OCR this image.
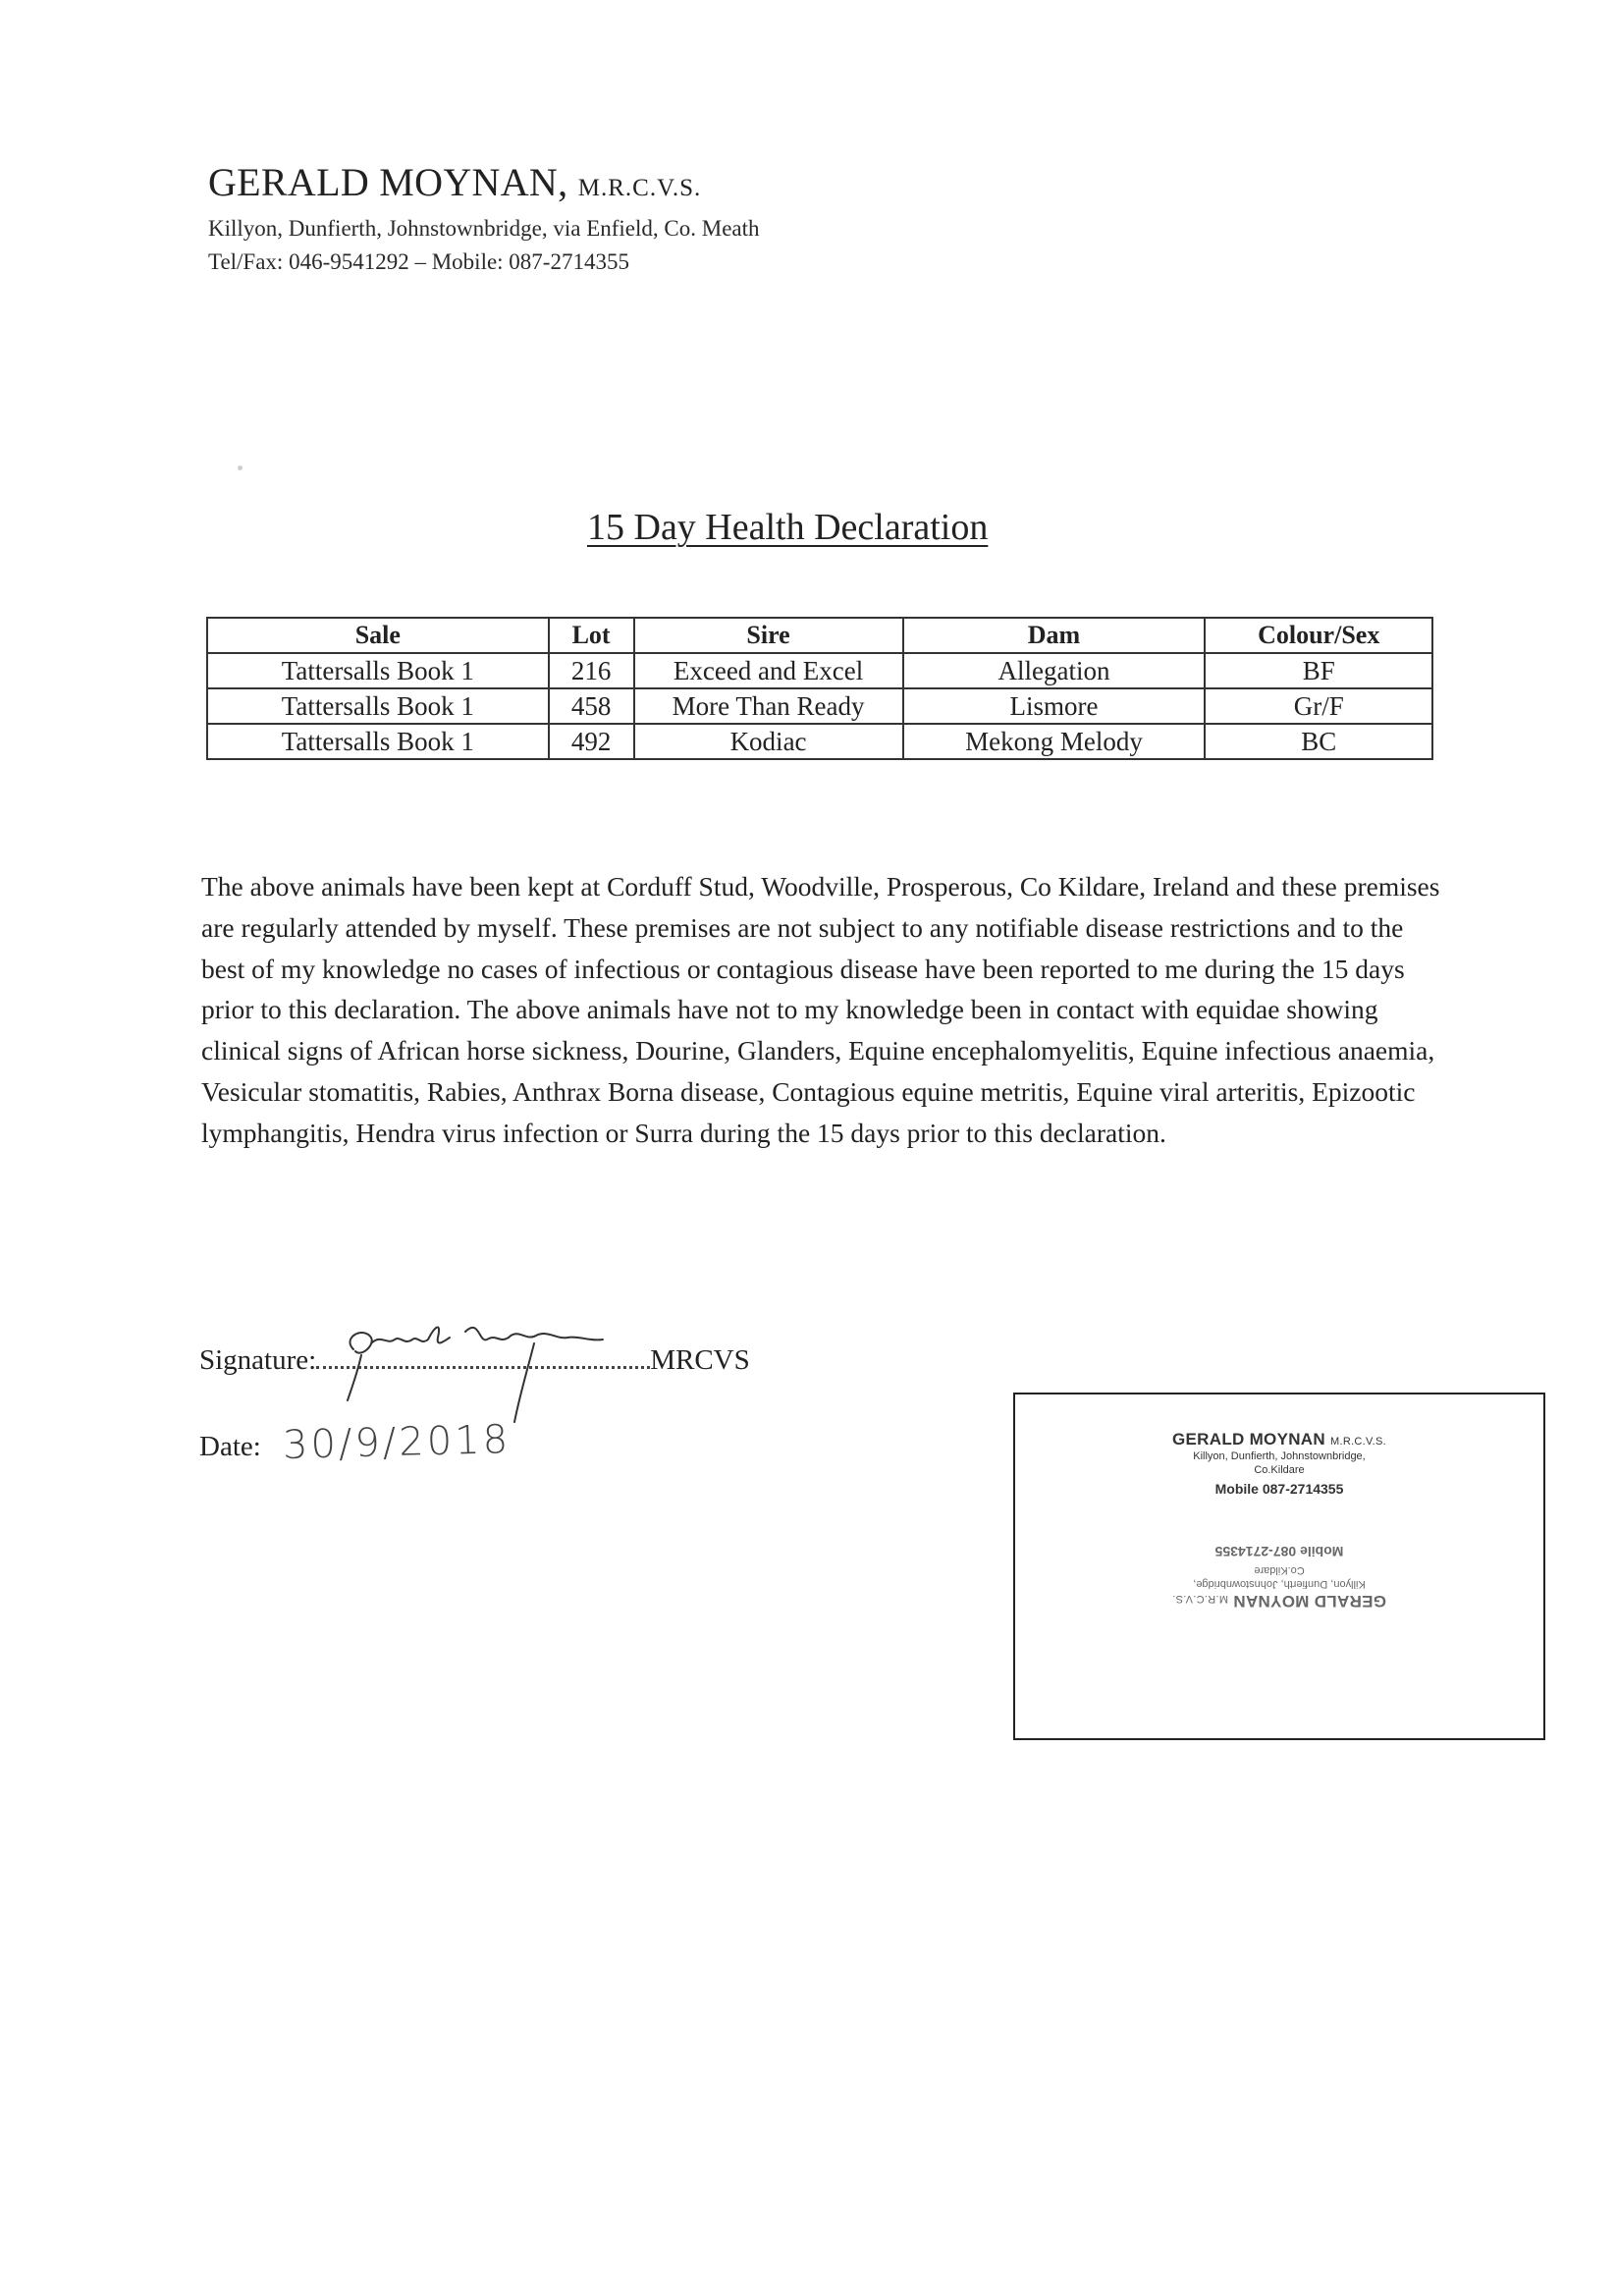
GERALD MOYNAN, M.R.C.V.S.
Killyon, Dunfierth, Johnstownbridge, via Enfield, Co. Meath
Tel/Fax: 046-9541292 – Mobile: 087-2714355
15 Day Health Declaration
Sale	Lot	Sire	Dam	Colour/Sex
Tattersalls Book 1	216	Exceed and Excel	Allegation	BF
Tattersalls Book 1	458	More Than Ready	Lismore	Gr/F
Tattersalls Book 1	492	Kodiac	Mekong Melody	BC

The above animals have been kept at Corduff Stud, Woodville, Prosperous, Co Kildare, Ireland and these premises are regularly attended by myself. These premises are not subject to any notifiable disease restrictions and to the best of my knowledge no cases of infectious or contagious disease have been reported to me during the 15 days prior to this declaration. The above animals have not to my knowledge been in contact with equidae showing clinical signs of African horse sickness, Dourine, Glanders, Equine encephalomyelitis, Equine infectious anaemia, Vesicular stomatitis, Rabies, Anthrax Borna disease, Contagious equine metritis, Equine viral arteritis, Epizootic lymphangitis, Hendra virus infection or Surra during the 15 days prior to this declaration.

Signature:	MRCVS
Date: 30/9/2018	GERALD MOYNAN M.R.C.V.S.
Killyon, Dunfierth, Johnstownbridge,
Co.Kildare
Mobile 087-2714355
GERALD MOYNAN M.R.C.V.S.
Killyon, Dunfierth, Johnstownbridge,
Co.Kildare
Mobile 087-2714355
